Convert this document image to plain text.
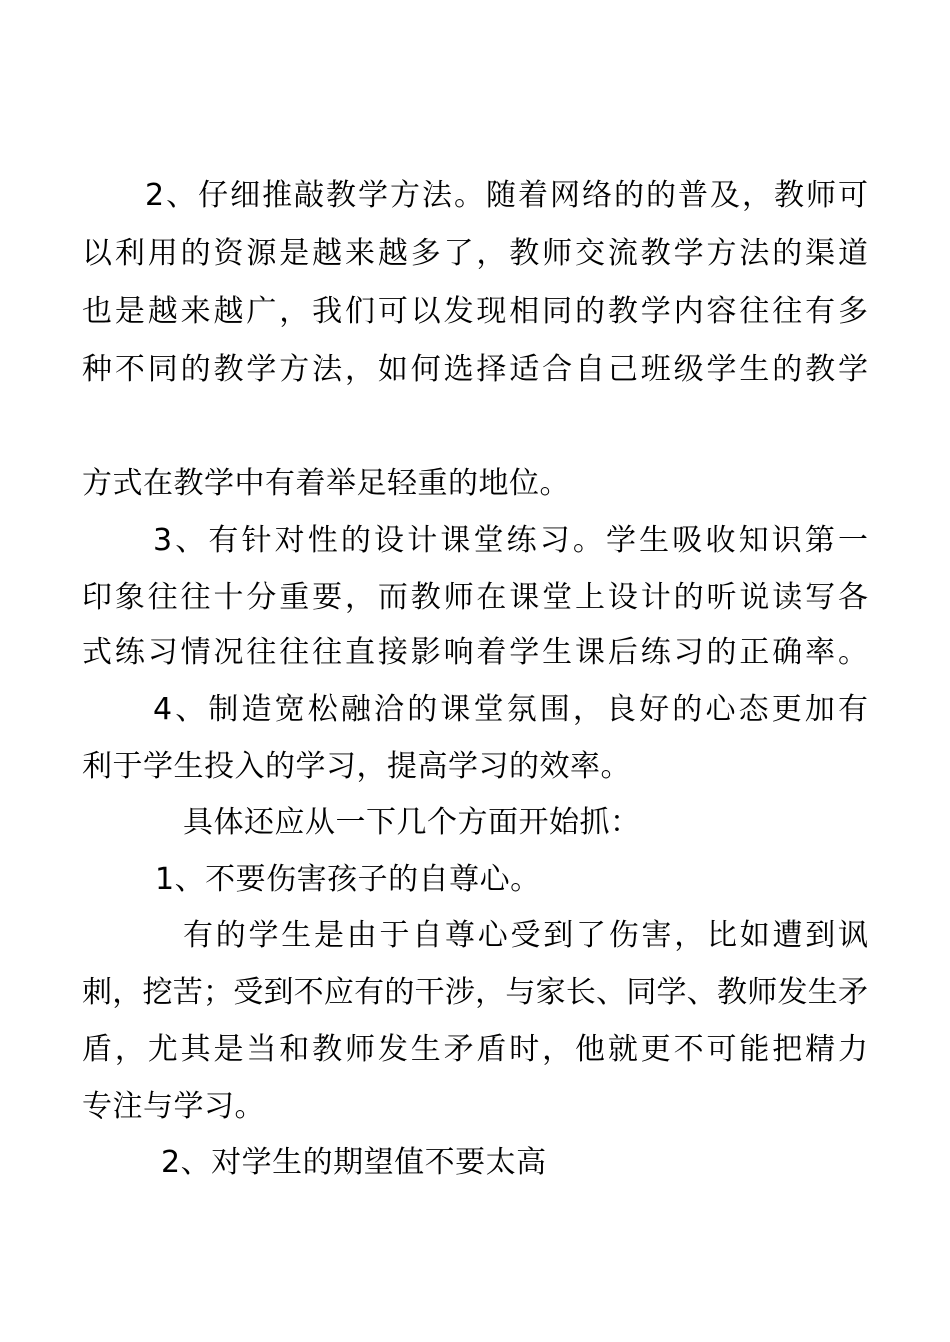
2、仔细推敲教学方法。随着网络的的普及，教师可
以利用的资源是越来越多了，教师交流教学方法的渠道
也是越来越广，我们可以发现相同的教学内容往往有多
种不同的教学方法，如何选择适合自己班级学生的教学
方式在教学中有着举足轻重的地位。
3、有针对性的设计课堂练习。学生吸收知识第一
印象往往十分重要，而教师在课堂上设计的听说读写各
式练习情况往往往直接影响着学生课后练习的正确率。
4、制造宽松融洽的课堂氛围，良好的心态更加有
利于学生投入的学习，提高学习的效率。
具体还应从一下几个方面开始抓：
1、不要伤害孩子的自尊心。
有的学生是由于自尊心受到了伤害，比如遭到讽
刺，挖苦；受到不应有的干涉，与家长、同学、教师发生矛
盾，尤其是当和教师发生矛盾时，他就更不可能把精力
专注与学习。
2、对学生的期望值不要太高
